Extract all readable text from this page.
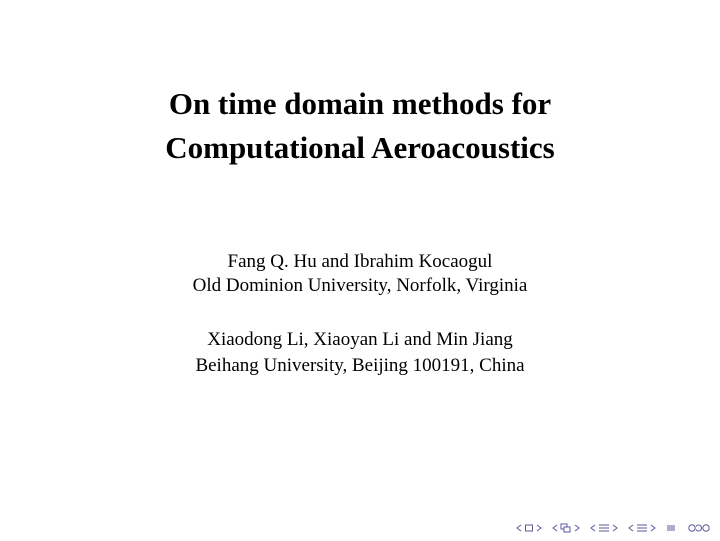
On time domain methods for
Computational Aeroacoustics
Fang Q. Hu and Ibrahim Kocaogul
Old Dominion University, Norfolk, Virginia
Xiaodong Li, Xiaoyan Li and Min Jiang
Beihang University, Beijing 100191, China
